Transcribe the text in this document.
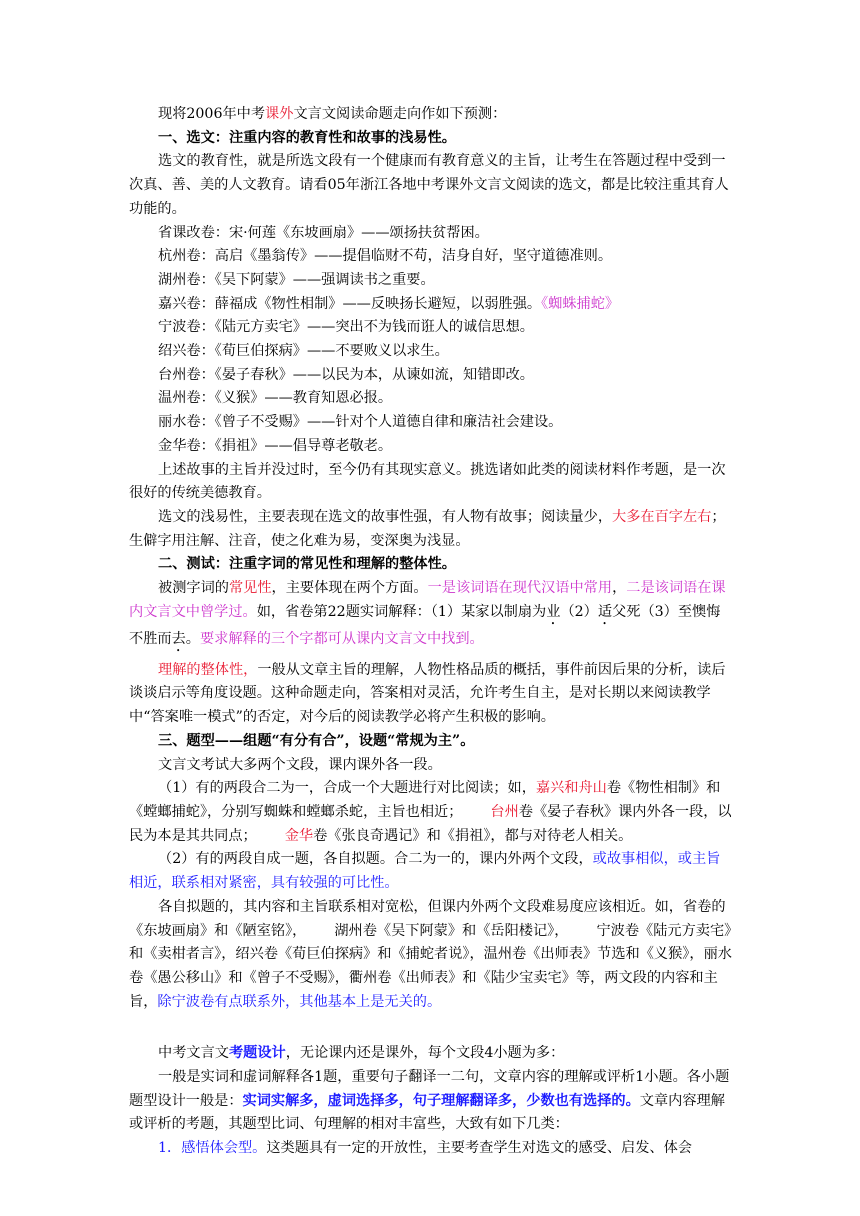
现将2006年中考课外文言文阅读命题走向作如下预测：

一、选文：注重内容的教育性和故事的浅易性。

选文的教育性，就是所选文段有一个健康而有教育意义的主旨，让考生在答题过程中受到一次真、善、美的人文教育。请看05年浙江各地中考课外文言文阅读的选文，都是比较注重其育人功能的。

省课改卷：宋·何莲《东坡画扇》——颂扬扶贫帮困。

杭州卷：高启《墨翁传》——提倡临财不苟，洁身自好，坚守道德准则。

湖州卷：《吴下阿蒙》——强调读书之重要。

嘉兴卷：薛福成《物性相制》——反映扬长避短，以弱胜强。《蜘蛛捕蛇》

宁波卷：《陆元方卖宅》——突出不为钱而诳人的诚信思想。

绍兴卷：《荀巨伯探病》——不要败义以求生。

台州卷：《晏子春秋》——以民为本，从谏如流，知错即改。

温州卷：《义猴》——教育知恩必报。

丽水卷：《曾子不受赐》——针对个人道德自律和廉洁社会建设。

金华卷：《捐祖》——倡导尊老敬老。

上述故事的主旨并没过时，至今仍有其现实意义。挑选诸如此类的阅读材料作考题，是一次很好的传统美德教育。

选文的浅易性，主要表现在选文的故事性强，有人物有故事；阅读量少，大多在百字左右；生僻字用注解、注音，使之化难为易，变深奥为浅显。

二、测试：注重字词的常见性和理解的整体性。

被测字词的常见性，主要体现在两个方面。一是该词语在现代汉语中常用，二是该词语在课内文言文中曾学过。如，省卷第22题实词解释：（1）某家以制扇为业（2）适父死（3）至懊悔不胜而去。要求解释的三个字都可从课内文言文中找到。

理解的整体性，一般从文章主旨的理解，人物性格品质的概括，事件前因后果的分析，读后谈谈启示等角度设题。这种命题走向，答案相对灵活，允许考生自主，是对长期以来阅读教学中“答案唯一模式”的否定，对今后的阅读教学必将产生积极的影响。

三、题型——组题“有分有合”，设题“常规为主”。

文言文考试大多两个文段，课内课外各一段。

（1）有的两段合二为一，合成一个大题进行对比阅读；如，嘉兴和舟山卷《物性相制》和《螳螂捕蛇》，分别写蜘蛛和螳螂杀蛇，主旨也相近； 台州卷《晏子春秋》课内外各一段，以民为本是其共同点； 金华卷《张良奇遇记》和《捐祖》，都与对待老人相关。

（2）有的两段自成一题，各自拟题。合二为一的，课内外两个文段，或故事相似，或主旨相近，联系相对紧密，具有较强的可比性。

各自拟题的，其内容和主旨联系相对宽松，但课内外两个文段难易度应该相近。如，省卷的《东坡画扇》和《陋室铭》， 湖州卷《吴下阿蒙》和《岳阳楼记》， 宁波卷《陆元方卖宅》和《卖柑者言》，绍兴卷《荀巨伯探病》和《捕蛇者说》，温州卷《出师表》节选和《义猴》，丽水卷《愚公移山》和《曾子不受赐》，衢州卷《出师表》和《陆少宝卖宅》等，两文段的内容和主旨，除宁波卷有点联系外，其他基本上是无关的。

中考文言文考题设计，无论课内还是课外，每个文段4小题为多：

一般是实词和虚词解释各1题，重要句子翻译一二句，文章内容的理解或评析1小题。各小题题型设计一般是：实词实解多，虚词选择多，句子理解翻译多，少数也有选择的。文章内容理解或评析的考题，其题型比词、句理解的相对丰富些，大致有如下几类：

1．感悟体会型。这类题具有一定的开放性，主要考查学生对选文的感受、启发、体会
